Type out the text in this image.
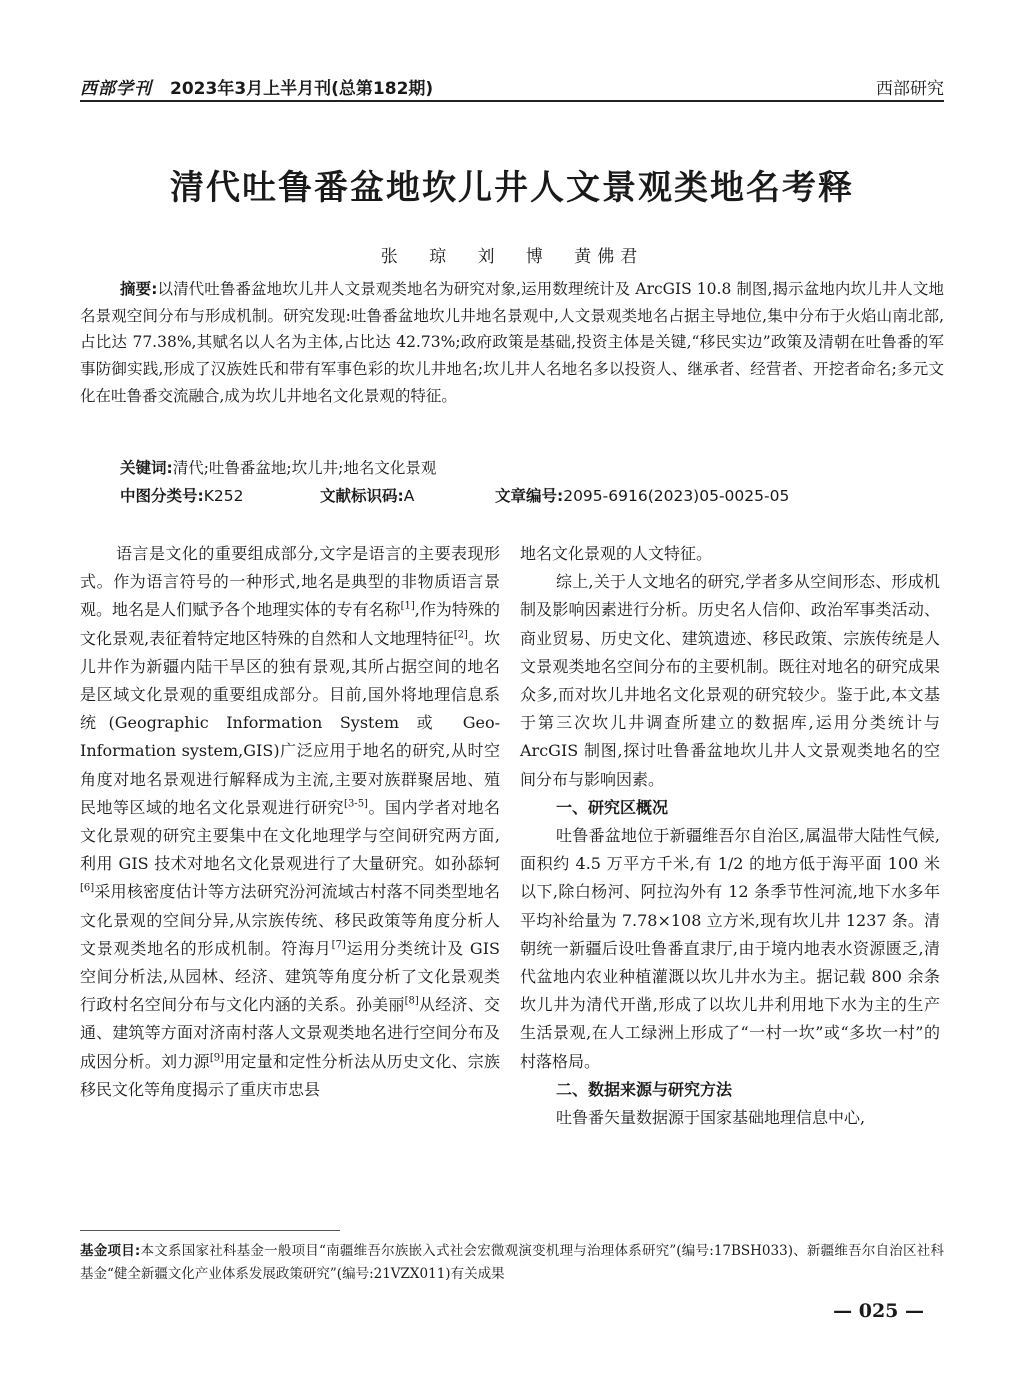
西部学刊 2023年3月上半月刊(总第182期)	西部研究
清代吐鲁番盆地坎儿井人文景观类地名考释
张 琼 刘 博 黄佛君
摘要:以清代吐鲁番盆地坎儿井人文景观类地名为研究对象,运用数理统计及 ArcGIS 10.8 制图,揭示盆地内坎儿井人文地名景观空间分布与形成机制。研究发现:吐鲁番盆地坎儿井地名景观中,人文景观类地名占据主导地位,集中分布于火焰山南北部,占比达 77.38%,其赋名以人名为主体,占比达 42.73%;政府政策是基础,投资主体是关键,“移民实边”政策及清朝在吐鲁番的军事防御实践,形成了汉族姓氏和带有军事色彩的坎儿井地名;坎儿井人名地名多以投资人、继承者、经营者、开挖者命名;多元文化在吐鲁番交流融合,成为坎儿井地名文化景观的特征。
关键词:清代;吐鲁番盆地;坎儿井;地名文化景观
中图分类号:K252	文献标识码:A	文章编号:2095-6916(2023)05-0025-05

语言是文化的重要组成部分,文字是语言的主要表现形式。作为语言符号的一种形式,地名是典型的非物质语言景观。地名是人们赋予各个地理实体的专有名称[1],作为特殊的文化景观,表征着特定地区特殊的自然和人文地理特征[2]。坎儿井作为新疆内陆干旱区的独有景观,其所占据空间的地名是区域文化景观的重要组成部分。目前,国外将地理信息系统(Geographic Information System 或 Geo-Information system,GIS)广泛应用于地名的研究,从时空角度对地名景观进行解释成为主流,主要对族群聚居地、殖民地等区域的地名文化景观进行研究[3-5]。国内学者对地名文化景观的研究主要集中在文化地理学与空间研究两方面,利用 GIS 技术对地名文化景观进行了大量研究。如孙舔轲[6]采用核密度估计等方法研究汾河流域古村落不同类型地名文化景观的空间分异,从宗族传统、移民政策等角度分析人文景观类地名的形成机制。符海月[7]运用分类统计及 GIS 空间分析法,从园林、经济、建筑等角度分析了文化景观类行政村名空间分布与文化内涵的关系。孙美丽[8]从经济、交通、建筑等方面对济南村落人文景观类地名进行空间分布及成因分析。刘力源[9]用定量和定性分析法从历史文化、宗族移民文化等角度揭示了重庆市忠县

地名文化景观的人文特征。

综上,关于人文地名的研究,学者多从空间形态、形成机制及影响因素进行分析。历史名人信仰、政治军事类活动、商业贸易、历史文化、建筑遗迹、移民政策、宗族传统是人文景观类地名空间分布的主要机制。既往对地名的研究成果众多,而对坎儿井地名文化景观的研究较少。鉴于此,本文基于第三次坎儿井调查所建立的数据库,运用分类统计与 ArcGIS 制图,探讨吐鲁番盆地坎儿井人文景观类地名的空间分布与影响因素。

一、研究区概况

吐鲁番盆地位于新疆维吾尔自治区,属温带大陆性气候,面积约 4.5 万平方千米,有 1/2 的地方低于海平面 100 米以下,除白杨河、阿拉沟外有 12 条季节性河流,地下水多年平均补给量为 7.78×108 立方米,现有坎儿井 1237 条。清朝统一新疆后设吐鲁番直隶厅,由于境内地表水资源匮乏,清代盆地内农业种植灌溉以坎儿井水为主。据记载 800 余条坎儿井为清代开凿,形成了以坎儿井利用地下水为主的生产生活景观,在人工绿洲上形成了“一村一坎”或“多坎一村”的村落格局。

二、数据来源与研究方法

吐鲁番矢量数据源于国家基础地理信息中心,

基金项目:本文系国家社科基金一般项目“南疆维吾尔族嵌入式社会宏微观演变机理与治理体系研究”(编号:17BSH033)、新疆维吾尔自治区社科基金“健全新疆文化产业体系发展政策研究”(编号:21VZX011)有关成果
— 025 —
